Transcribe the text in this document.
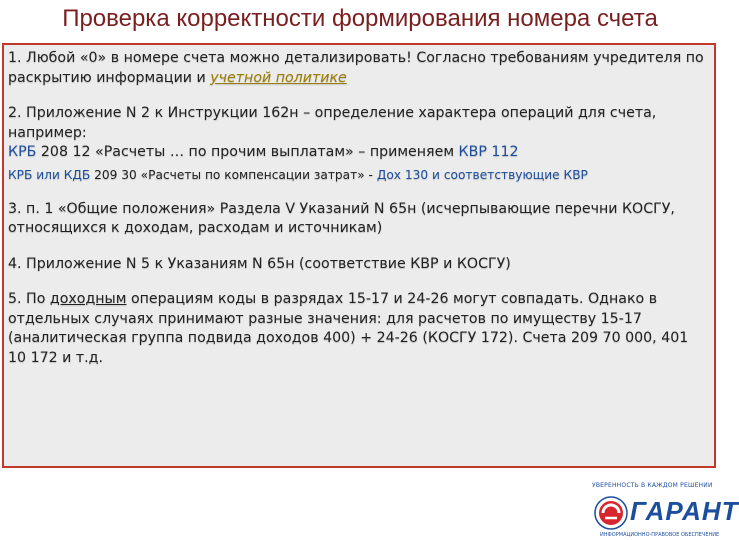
Проверка корректности формирования номера счета

1. Любой «0» в номере счета можно детализировать! Согласно требованиям учредителя по раскрытию информации и учетной политике

2. Приложение N 2 к Инструкции 162н – определение характера операций для счета, например:
КРБ 208 12 «Расчеты … по прочим выплатам» – применяем КВР 112

КРБ или КДБ 209 30 «Расчеты по компенсации затрат» - Дох 130 и соответствующие КВР

3. п. 1 «Общие положения» Раздела V Указаний N 65н (исчерпывающие перечни КОСГУ, относящихся к доходам, расходам и источникам)

4. Приложение N 5 к Указаниям N 65н (соответствие КВР и КОСГУ)

5. По доходным операциям коды в разрядах 15-17 и 24-26 могут совпадать. Однако в отдельных случаях принимают разные значения: для расчетов по имуществу 15-17 (аналитическая группа подвида доходов 400) + 24-26 (КОСГУ 172). Счета 209 70 000, 401 10 172 и т.д.

УВЕРЕННОСТЬ В КАЖДОМ РЕШЕНИИ
ГАРАНТ
ИНФОРМАЦИОННО-ПРАВОВОЕ ОБЕСПЕЧЕНИЕ
